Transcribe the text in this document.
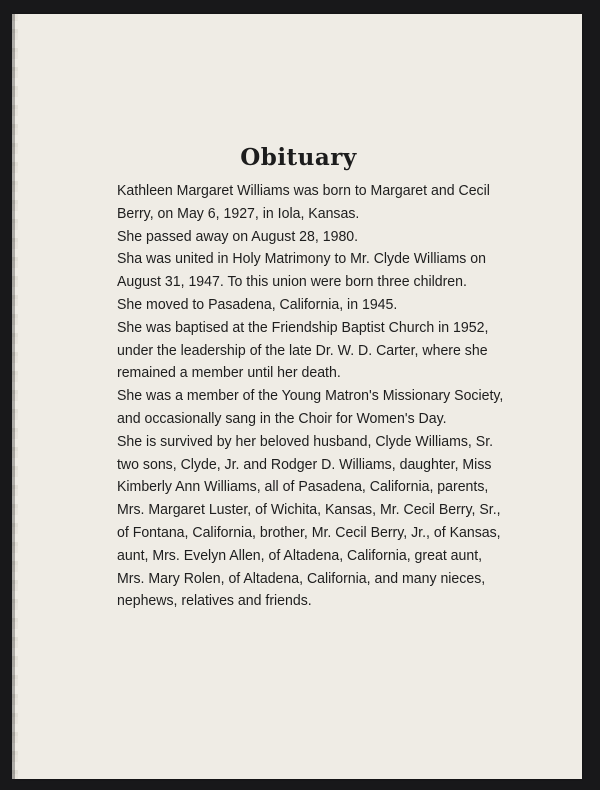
Obituary
Kathleen Margaret Williams was born to Margaret and Cecil
Berry, on May 6, 1927, in Iola, Kansas.
She passed away on August 28, 1980.
Sha was united in Holy Matrimony to Mr. Clyde Williams on
August 31, 1947. To this union were born three children.
She moved to Pasadena, California, in 1945.
She was baptised at the Friendship Baptist Church in 1952,
under the leadership of the late Dr. W. D. Carter, where she
remained a member until her death.
She was a member of the Young Matron's Missionary Society,
and occasionally sang in the Choir for Women's Day.
She is survived by her beloved husband, Clyde Williams, Sr.
two sons, Clyde, Jr. and Rodger D. Williams, daughter, Miss
Kimberly Ann Williams, all of Pasadena, California, parents,
Mrs. Margaret Luster, of Wichita, Kansas, Mr. Cecil Berry, Sr.,
of Fontana, California, brother, Mr. Cecil Berry, Jr., of Kansas,
aunt, Mrs. Evelyn Allen, of Altadena, California, great aunt,
Mrs. Mary Rolen, of Altadena, California, and many nieces,
nephews, relatives and friends.
